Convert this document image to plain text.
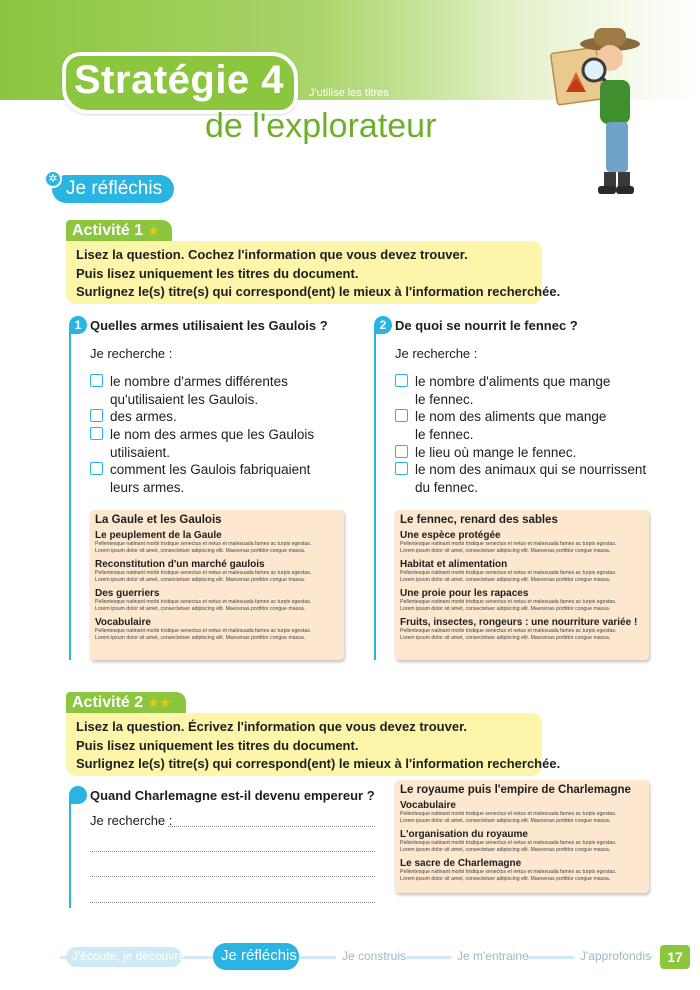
Stratégie 4 J'utilise les titres
de l'explorateur
✲ Je réfléchis
Activité 1 ★
Lisez la question. Cochez l'information que vous devez trouver.
Puis lisez uniquement les titres du document.
Surlignez le(s) titre(s) qui correspond(ent) le mieux à l'information recherchée.
1 Quelles armes utilisaient les Gaulois ?
Je recherche :
le nombre d'armes différentes
qu'utilisaient les Gaulois.
des armes.
le nom des armes que les Gaulois
utilisaient.
comment les Gaulois fabriquaient
leurs armes.
La Gaule et les Gaulois
Le peuplement de la Gaule
Pellentesque natinant morbi tristique senectus et netus et malesuada fames ac turpis egestas.
Lorem ipsum dolor sit amet, consectetuer adipiscing elit. Maecenas porttitor congue massa.
Reconstitution d'un marché gaulois
Pellentesque natinant morbi tristique senectus et netus et malesuada fames ac turpis egestas.
Lorem ipsum dolor sit amet, consectetuer adipiscing elit. Maecenas porttitor congue massa.
Des guerriers
Pellentesque natinant morbi tristique senectus et netus et malesuada fames ac turpis egestas.
Lorem ipsum dolor sit amet, consectetuer adipiscing elit. Maecenas porttitor congue massa.
Vocabulaire
Pellentesque natinant morbi tristique senectus et netus et malesuada fames ac turpis egestas.
Lorem ipsum dolor sit amet, consectetuer adipiscing elit. Maecenas porttitor congue massa.
2 De quoi se nourrit le fennec ?
Je recherche :
le nombre d'aliments que mange
le fennec.
le nom des aliments que mange
le fennec.
le lieu où mange le fennec.
le nom des animaux qui se nourrissent
du fennec.
Le fennec, renard des sables
Une espèce protégée
Pellentesque natinant morbi tristique senectus et netus et malesuada fames ac turpis egestas.
Lorem ipsum dolor sit amet, consectetuer adipiscing elit. Maecenas porttitor congue massa.
Habitat et alimentation
Pellentesque natinant morbi tristique senectus et netus et malesuada fames ac turpis egestas.
Lorem ipsum dolor sit amet, consectetuer adipiscing elit. Maecenas porttitor congue massa.
Une proie pour les rapaces
Pellentesque natinant morbi tristique senectus et netus et malesuada fames ac turpis egestas.
Lorem ipsum dolor sit amet, consectetuer adipiscing elit. Maecenas porttitor congue massa.
Fruits, insectes, rongeurs : une nourriture variée !
Pellentesque natinant morbi tristique senectus et netus et malesuada fames ac turpis egestas.
Lorem ipsum dolor sit amet, consectetuer adipiscing elit. Maecenas porttitor congue massa.
Activité 2 ★★
Lisez la question. Écrivez l'information que vous devez trouver.
Puis lisez uniquement les titres du document.
Surlignez le(s) titre(s) qui correspond(ent) le mieux à l'information recherchée.
Quand Charlemagne est-il devenu empereur ?
Je recherche :
Le royaume puis l'empire de Charlemagne
Vocabulaire
Pellentesque natinant morbi tristique senectus et netus et malesuada fames ac turpis egestas.
Lorem ipsum dolor sit amet, consectetuer adipiscing elit. Maecenas porttitor congue massa.
L'organisation du royaume
Pellentesque natinant morbi tristique senectus et netus et malesuada fames ac turpis egestas.
Lorem ipsum dolor sit amet, consectetuer adipiscing elit. Maecenas porttitor congue massa.
Le sacre de Charlemagne
Pellentesque natinant morbi tristique senectus et netus et malesuada fames ac turpis egestas.
Lorem ipsum dolor sit amet, consectetuer adipiscing elit. Maecenas porttitor congue massa.
J'écoute, je découvre	Je réfléchis	Je construis	Je m'entraine	J'approfondis	17
